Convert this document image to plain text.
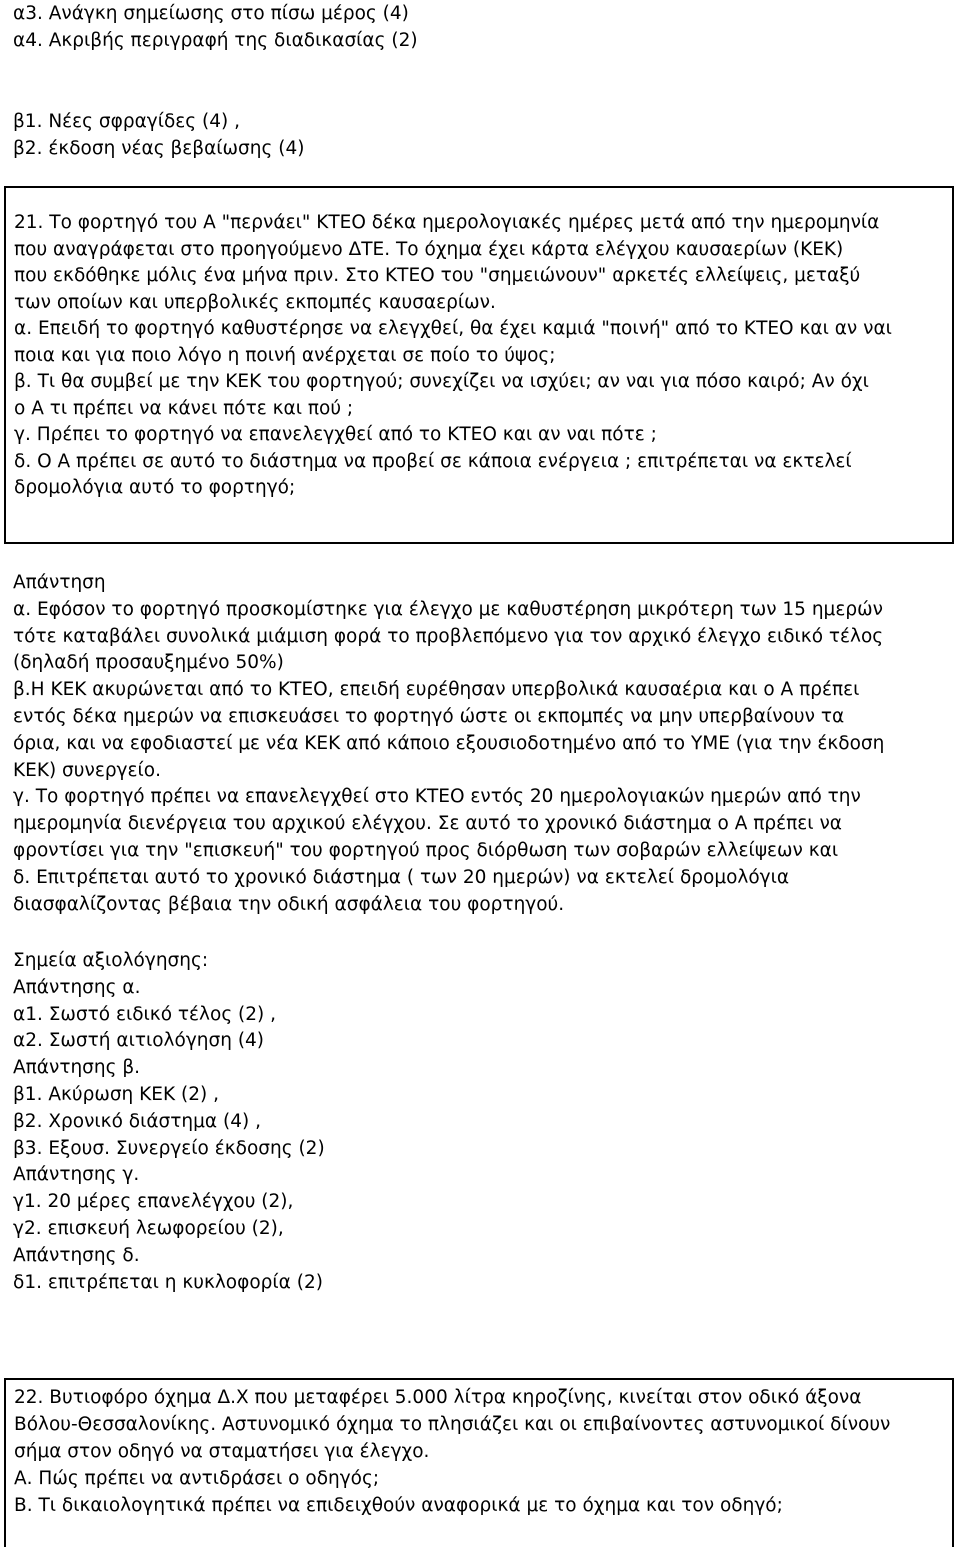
α3. Ανάγκη σημείωσης στο πίσω μέρος (4)
α4. Ακριβής περιγραφή της διαδικασίας (2)
β1. Νέες σφραγίδες (4) ,
β2. έκδοση νέας βεβαίωσης (4)
21. Το φορτηγό του Α "περνάει" ΚΤΕΟ δέκα ημερολογιακές ημέρες μετά από την ημερομηνία
που αναγράφεται στο προηγούμενο ΔΤΕ. Το όχημα έχει κάρτα ελέγχου καυσαερίων (ΚΕΚ)
που εκδόθηκε μόλις ένα μήνα πριν. Στο ΚΤΕΟ του "σημειώνουν" αρκετές ελλείψεις, μεταξύ
των οποίων και υπερβολικές εκπομπές καυσαερίων.
α. Επειδή το φορτηγό καθυστέρησε να ελεγχθεί, θα έχει καμιά "ποινή" από το ΚΤΕΟ και αν ναι
ποια και για ποιο λόγο η ποινή ανέρχεται σε ποίο το ύψος;
β. Τι θα συμβεί με την ΚΕΚ του φορτηγού; συνεχίζει να ισχύει; αν ναι για πόσο καιρό; Αν όχι
ο Α τι πρέπει να κάνει πότε και πού ;
γ. Πρέπει το φορτηγό να επανελεγχθεί από το ΚΤΕΟ και αν ναι πότε ;
δ. Ο Α πρέπει σε αυτό το διάστημα να προβεί σε κάποια ενέργεια ; επιτρέπεται να εκτελεί
δρομολόγια αυτό το φορτηγό;
Απάντηση
α. Εφόσον το φορτηγό προσκομίστηκε για έλεγχο με καθυστέρηση μικρότερη των 15 ημερών
τότε καταβάλει συνολικά μιάμιση φορά το προβλεπόμενο για τον αρχικό έλεγχο ειδικό τέλος
(δηλαδή προσαυξημένο 50%)
β.Η ΚΕΚ ακυρώνεται από το ΚΤΕΟ, επειδή ευρέθησαν υπερβολικά καυσαέρια και ο Α πρέπει
εντός δέκα ημερών να επισκευάσει το φορτηγό ώστε οι εκπομπές να μην υπερβαίνουν τα
όρια, και να εφοδιαστεί με νέα ΚΕΚ από κάποιο εξουσιοδοτημένο από το ΥΜΕ (για την έκδοση
ΚΕΚ) συνεργείο.
γ. Το φορτηγό πρέπει να επανελεγχθεί στο ΚΤΕΟ εντός 20 ημερολογιακών ημερών από την
ημερομηνία διενέργεια του αρχικού ελέγχου. Σε αυτό το χρονικό διάστημα ο Α πρέπει να
φροντίσει για την "επισκευή" του φορτηγού προς διόρθωση των σοβαρών ελλείψεων και
δ. Επιτρέπεται αυτό το χρονικό διάστημα ( των 20 ημερών) να εκτελεί δρομολόγια
διασφαλίζοντας βέβαια την οδική ασφάλεια του φορτηγού.
Σημεία αξιολόγησης:
Απάντησης α.
α1. Σωστό ειδικό τέλος (2) ,
α2. Σωστή αιτιολόγηση (4)
Απάντησης β.
β1. Ακύρωση ΚΕΚ (2) ,
β2. Χρονικό διάστημα (4) ,
β3. Εξουσ. Συνεργείο έκδοσης (2)
Απάντησης γ.
γ1. 20 μέρες επανελέγχου (2),
γ2. επισκευή λεωφορείου (2),
Απάντησης δ.
δ1. επιτρέπεται η κυκλοφορία (2)
22. Βυτιοφόρο όχημα Δ.Χ που μεταφέρει 5.000 λίτρα κηροζίνης, κινείται στον οδικό άξονα
Βόλου-Θεσσαλονίκης. Αστυνομικό όχημα το πλησιάζει και οι επιβαίνοντες αστυνομικοί δίνουν
σήμα στον οδηγό να σταματήσει για έλεγχο.
Α. Πώς πρέπει να αντιδράσει ο οδηγός;
Β. Τι δικαιολογητικά πρέπει να επιδειχθούν αναφορικά με το όχημα και τον οδηγό;
